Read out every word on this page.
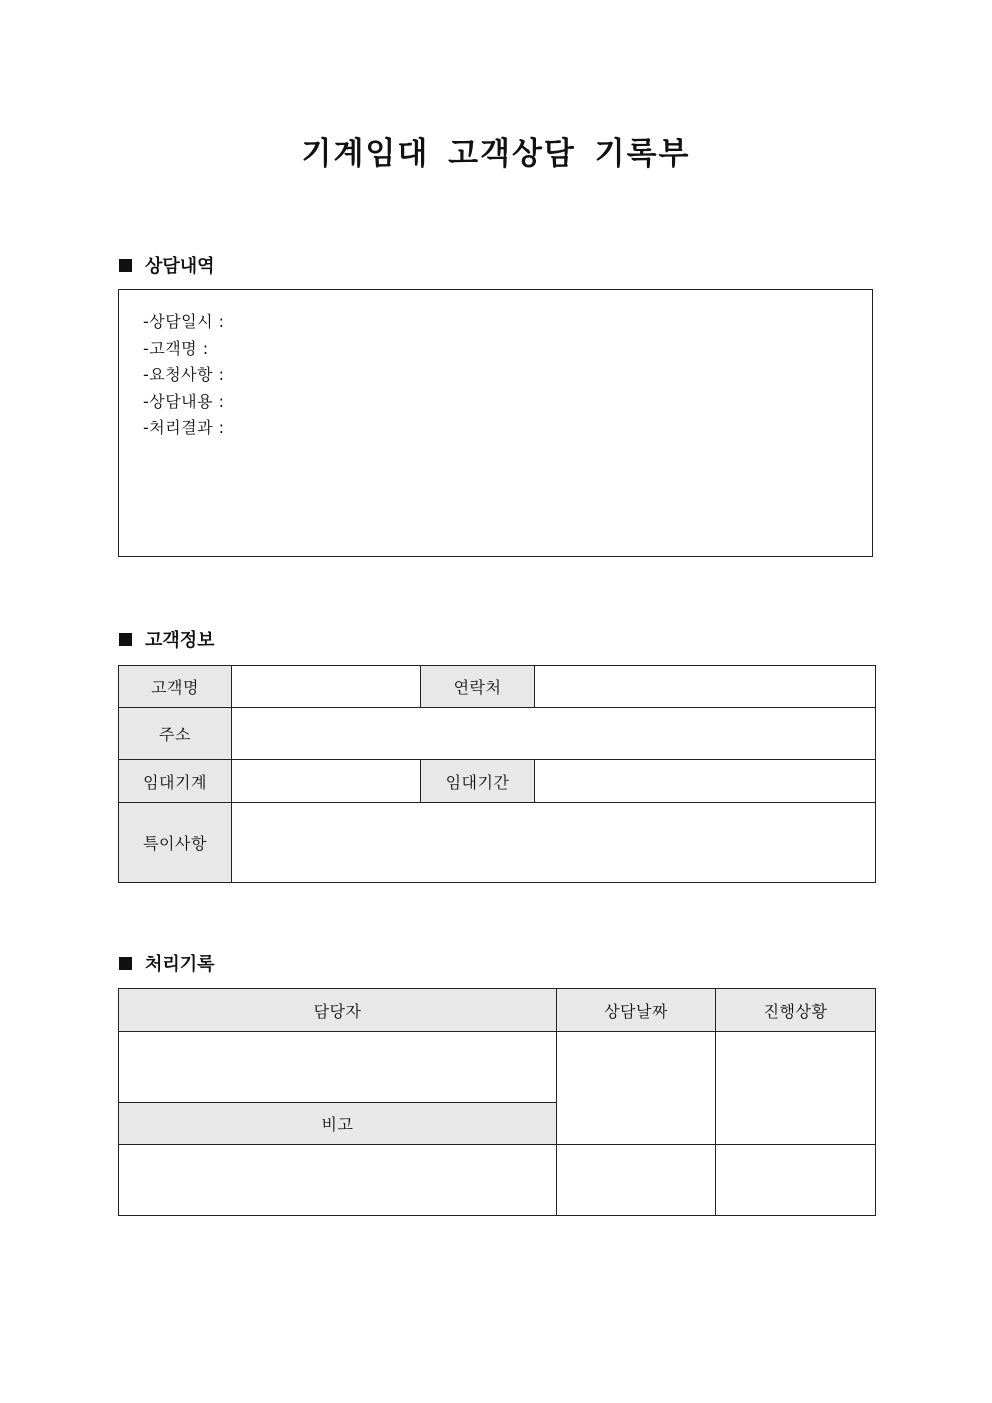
기계임대 고객상담 기록부
상담내역
-상담일시 :
-고객명 :
-요청사항 :
-상담내용 :
-처리결과 :
고객정보
고객명		연락처	
주소			
임대기계		임대기간	
특이사항			
처리기록
담당자	상담날짜	진행상황

비고		
